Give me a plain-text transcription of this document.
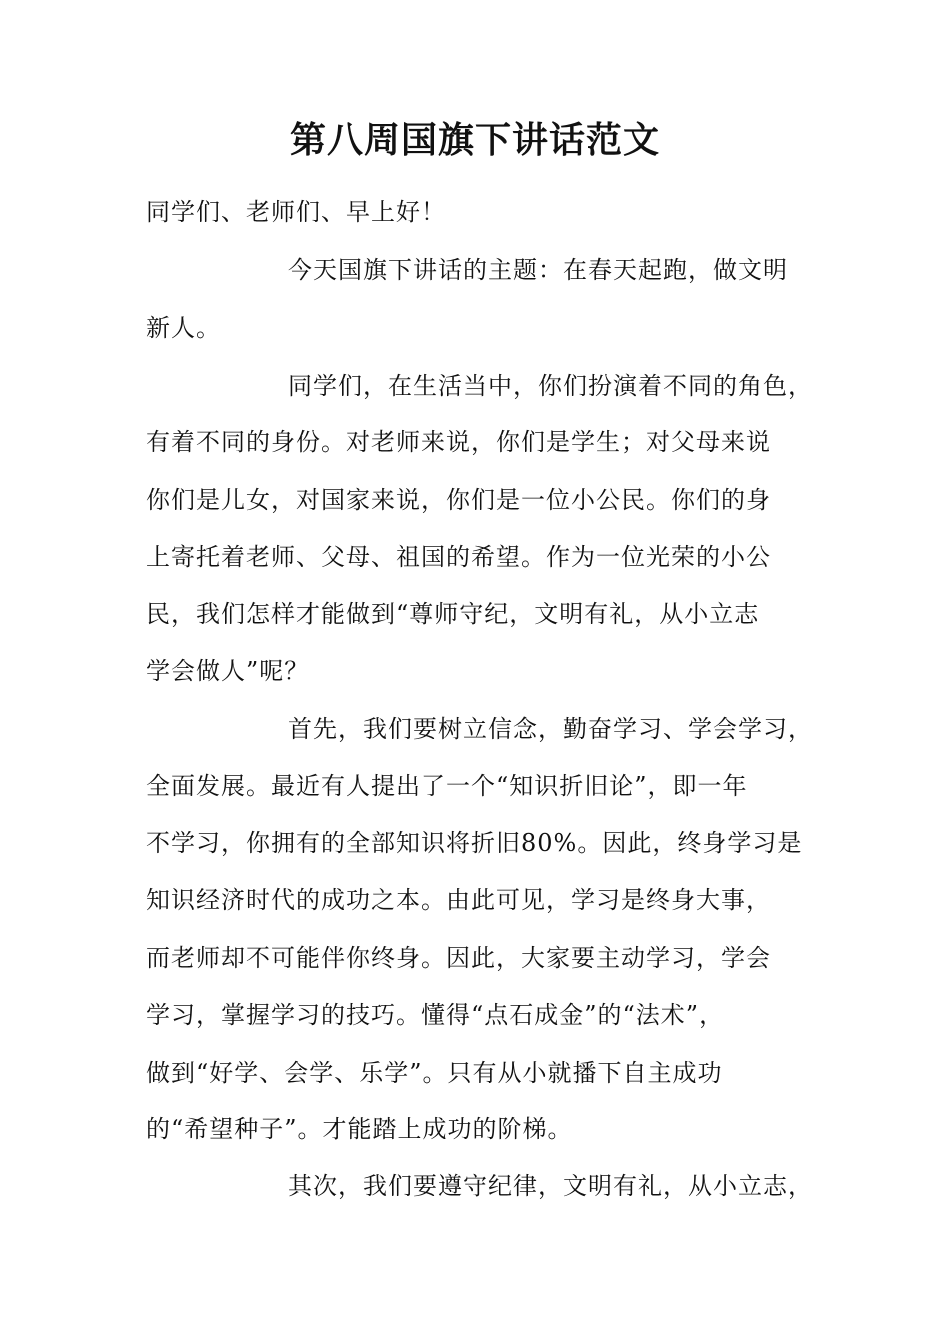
第八周国旗下讲话范文
同学们、老师们、早上好！
今天国旗下讲话的主题：在春天起跑，做文明
新人。
同学们，在生活当中，你们扮演着不同的角色，
有着不同的身份。对老师来说，你们是学生；对父母来说
你们是儿女，对国家来说，你们是一位小公民。你们的身
上寄托着老师、父母、祖国的希望。作为一位光荣的小公
民，我们怎样才能做到“尊师守纪，文明有礼，从小立志
学会做人”呢？
首先，我们要树立信念，勤奋学习、学会学习，
全面发展。最近有人提出了一个“知识折旧论”，即一年
不学习，你拥有的全部知识将折旧80%。因此，终身学习是
知识经济时代的成功之本。由此可见，学习是终身大事，
而老师却不可能伴你终身。因此，大家要主动学习，学会
学习，掌握学习的技巧。懂得“点石成金”的“法术”，
做到“好学、会学、乐学”。只有从小就播下自主成功
的“希望种子”。才能踏上成功的阶梯。
其次，我们要遵守纪律，文明有礼，从小立志，
